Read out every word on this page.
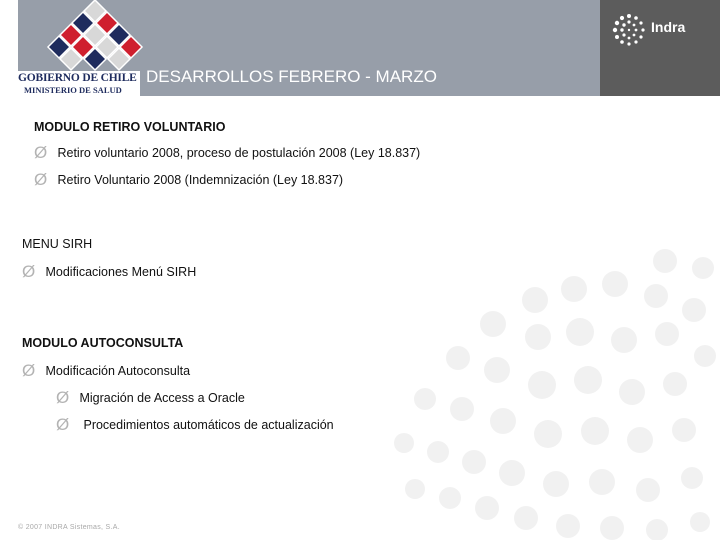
GOBIERNO DE CHILE
MINISTERIO DE SALUD
DESARROLLOS FEBRERO - MARZO
Indra
MODULO RETIRO VOLUNTARIO
Ø Retiro voluntario 2008, proceso de postulación 2008 (Ley 18.837)
Ø Retiro Voluntario 2008 (Indemnización (Ley 18.837)
MENU SIRH
Ø Modificaciones Menú SIRH
MODULO AUTOCONSULTA
Ø Modificación Autoconsulta
Ø Migración de Access a Oracle
Ø Procedimientos automáticos de actualización
© 2007 INDRA Sistemas, S.A.
